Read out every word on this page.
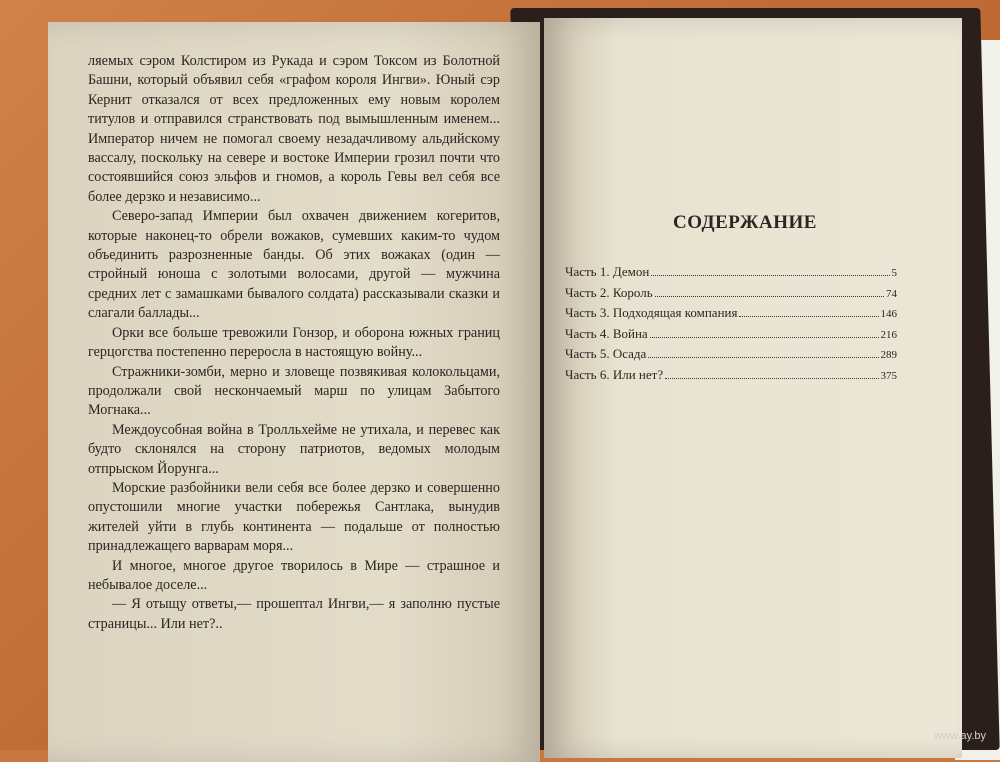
ляемых сэром Колстиром из Рукада и сэром Токсом из Болотной Башни, который объявил себя «графом короля Ингви». Юный сэр Кернит отказался от всех предложенных ему новым королем титулов и отправился странствовать под вымышленным именем... Император ничем не помогал своему незадачливому альдийскому вассалу, поскольку на севере и востоке Империи грозил почти что состоявшийся союз эльфов и гномов, а король Гевы вел себя все более дерзко и независимо...

Северо-запад Империи был охвачен движением когеритов, которые наконец-то обрели вожаков, сумевших каким-то чудом объединить разрозненные банды. Об этих вожаках (один — стройный юноша с золотыми волосами, другой — мужчина средних лет с замашками бывалого солдата) рассказывали сказки и слагали баллады...

Орки все больше тревожили Гонзор, и оборона южных границ герцогства постепенно переросла в настоящую войну...

Стражники-зомби, мерно и зловеще позвякивая колокольцами, продолжали свой нескончаемый марш по улицам Забытого Могнака...

Междоусобная война в Тролльхейме не утихала, и перевес как будто склонялся на сторону патриотов, ведомых молодым отпрыском Йорунга...

Морские разбойники вели себя все более дерзко и совершенно опустошили многие участки побережья Сантлака, вынудив жителей уйти в глубь континента — подальше от полностью принадлежащего варварам моря...

И многое, многое другое творилось в Мире — страшное и небывалое доселе...

— Я отыщу ответы,— прошептал Ингви,— я заполню пустые страницы... Или нет?..

СОДЕРЖАНИЕ
Часть 1. Демон	5
Часть 2. Король	74
Часть 3. Подходящая компания	146
Часть 4. Война	216
Часть 5. Осада	289
Часть 6. Или нет?	375
www.ay.by
